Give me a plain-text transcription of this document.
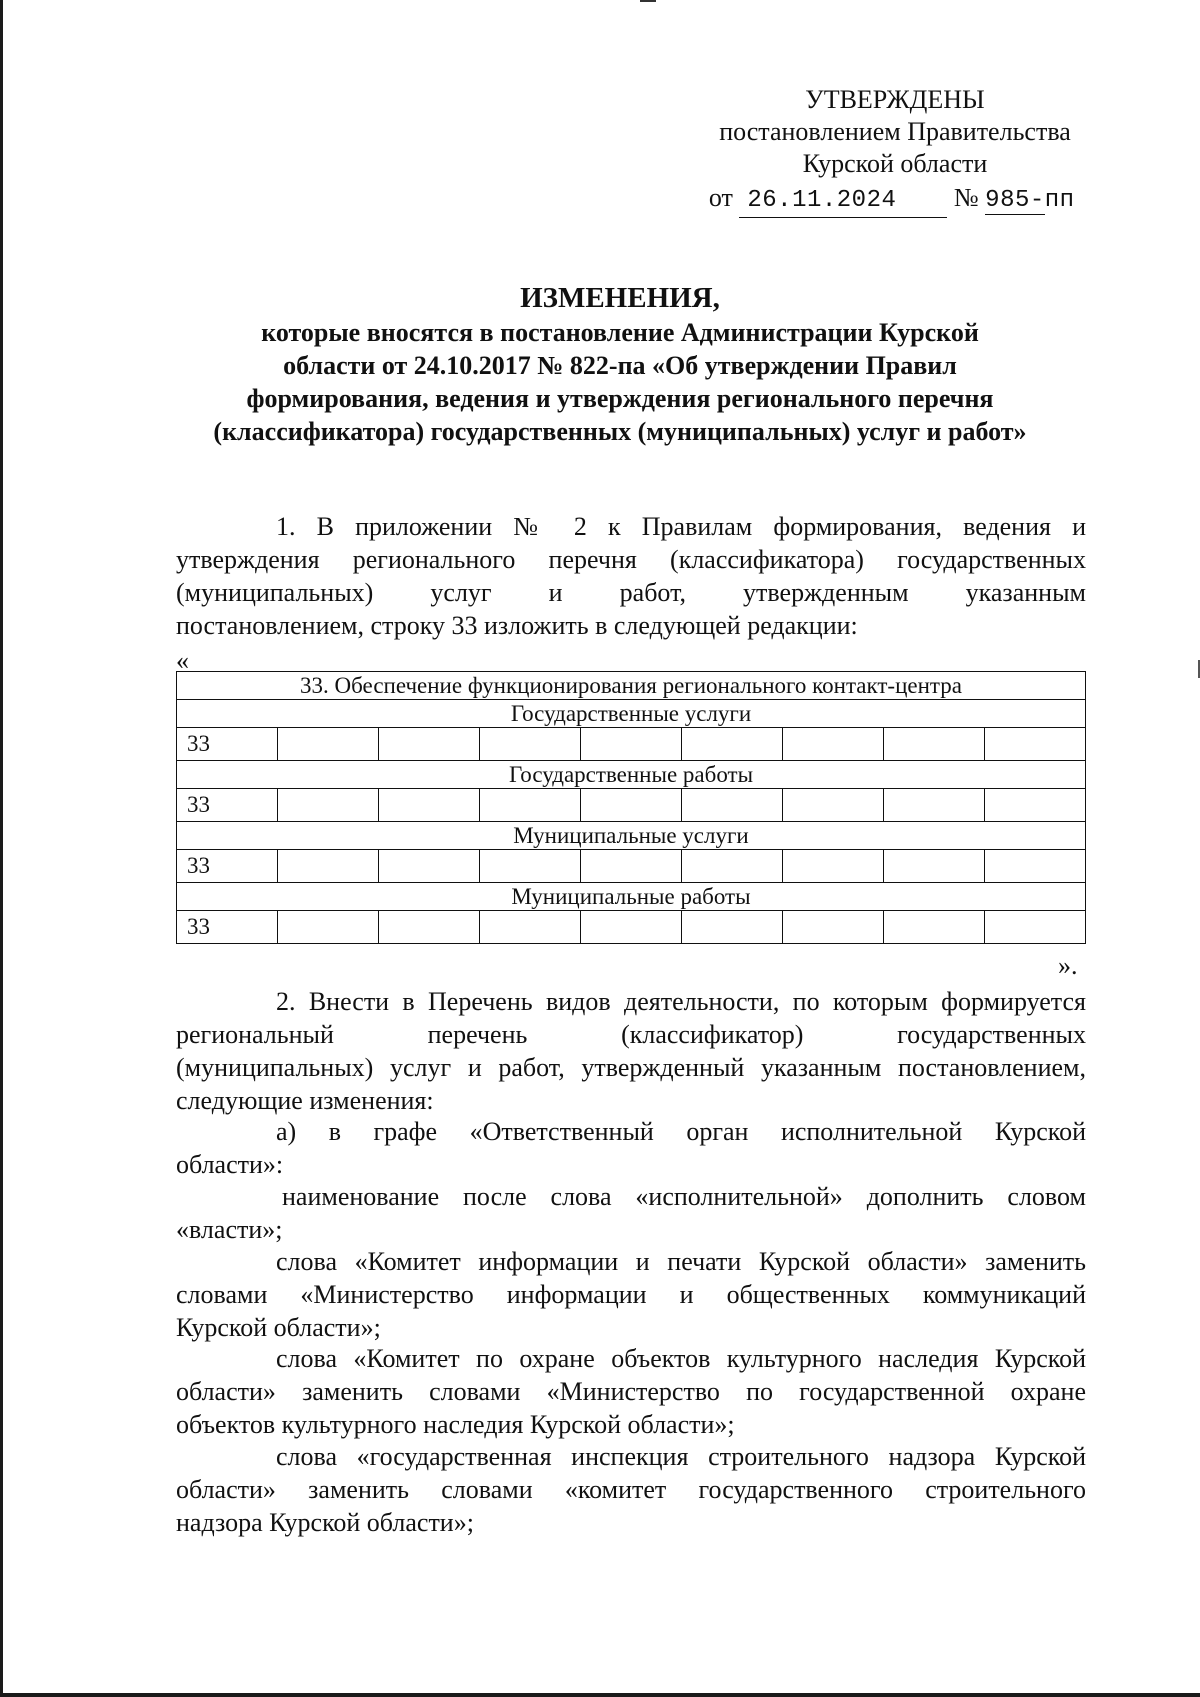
УТВЕРЖДЕНЫ
постановлением Правительства
Курской области
от 26.11.2024 № 985-пп
ИЗМЕНЕНИЯ,
которые вносятся в постановление Администрации Курской
области от 24.10.2017 № 822-па «Об утверждении Правил
формирования, ведения и утверждения регионального перечня
(классификатора) государственных (муниципальных) услуг и работ»
1. В приложении № 2 к Правилам формирования, ведения и
утверждения регионального перечня (классификатора) государственных
(муниципальных) услуг и работ, утвержденным указанным
постановлением, строку 33 изложить в следующей редакции:
«
33. Обеспечение функционирования регионального контакт-центра								
Государственные услуги								
33								
Государственные работы								
33								
Муниципальные услуги								
33								
Муниципальные работы								
33								
».
2. Внести в Перечень видов деятельности, по которым формируется
региональный перечень (классификатор) государственных
(муниципальных) услуг и работ, утвержденный указанным постановлением,
следующие изменения:
а) в графе «Ответственный орган исполнительной Курской
области»:
наименование после слова «исполнительной» дополнить словом
«власти»;
слова «Комитет информации и печати Курской области» заменить
словами «Министерство информации и общественных коммуникаций
Курской области»;
слова «Комитет по охране объектов культурного наследия Курской
области» заменить словами «Министерство по государственной охране
объектов культурного наследия Курской области»;
слова «государственная инспекция строительного надзора Курской
области» заменить словами «комитет государственного строительного
надзора Курской области»;
